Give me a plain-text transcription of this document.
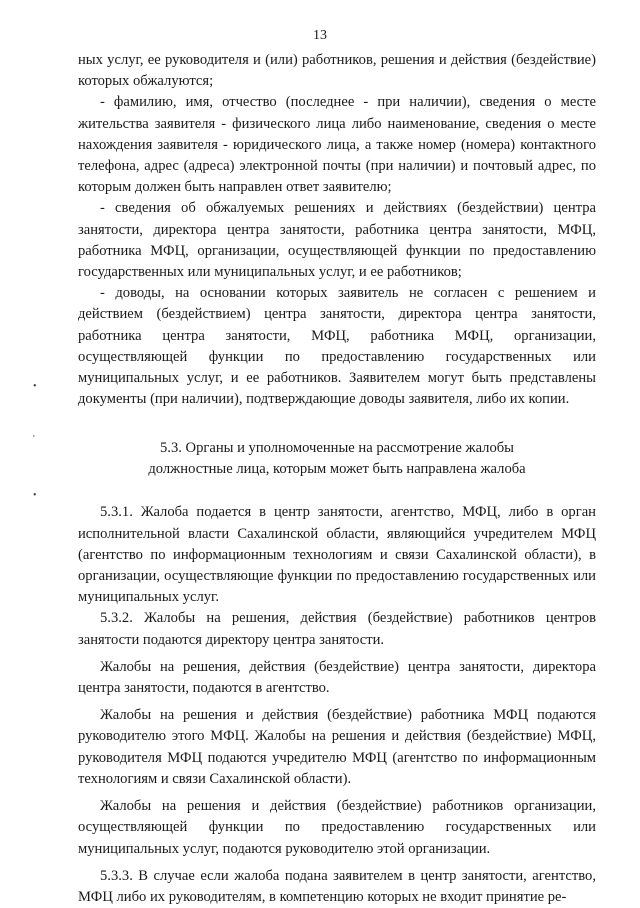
13
•
'
•

ных услуг, ее руководителя и (или) работников, решения и действия (бездействие) которых обжалуются;

- фамилию, имя, отчество (последнее - при наличии), сведения о месте жительства заявителя - физического лица либо наименование, сведения о месте нахождения заявителя - юридического лица, а также номер (номера) контактного телефона, адрес (адреса) электронной почты (при наличии) и почтовый адрес, по которым должен быть направлен ответ заявителю;

- сведения об обжалуемых решениях и действиях (бездействии) центра занятости, директора центра занятости, работника центра занятости, МФЦ, работника МФЦ, организации, осуществляющей функции по предоставлению государственных или муниципальных услуг, и ее работников;

- доводы, на основании которых заявитель не согласен с решением и действием (бездействием) центра занятости, директора центра занятости, работника центра занятости, МФЦ, работника МФЦ, организации, осуществляющей функции по предоставлению государственных или муниципальных услуг, и ее работников. Заявителем могут быть представлены документы (при наличии), подтверждающие доводы заявителя, либо их копии.

5.3. Органы и уполномоченные на рассмотрение жалобы
должностные лица, которым может быть направлена жалоба

5.3.1. Жалоба подается в центр занятости, агентство, МФЦ, либо в орган исполнительной власти Сахалинской области, являющийся учредителем МФЦ (агентство по информационным технологиям и связи Сахалинской области), в организации, осуществляющие функции по предоставлению государственных или муниципальных услуг.

5.3.2. Жалобы на решения, действия (бездействие) работников центров занятости подаются директору центра занятости.

Жалобы на решения, действия (бездействие) центра занятости, директора центра занятости, подаются в агентство.

Жалобы на решения и действия (бездействие) работника МФЦ подаются руководителю этого МФЦ. Жалобы на решения и действия (бездействие) МФЦ, руководителя МФЦ подаются учредителю МФЦ (агентство по информационным технологиям и связи Сахалинской области).

Жалобы на решения и действия (бездействие) работников организации, осуществляющей функции по предоставлению государственных или муниципальных услуг, подаются руководителю этой организации.

5.3.3. В случае если жалоба подана заявителем в центр занятости, агентство, МФЦ либо их руководителям, в компетенцию которых не входит принятие ре-
